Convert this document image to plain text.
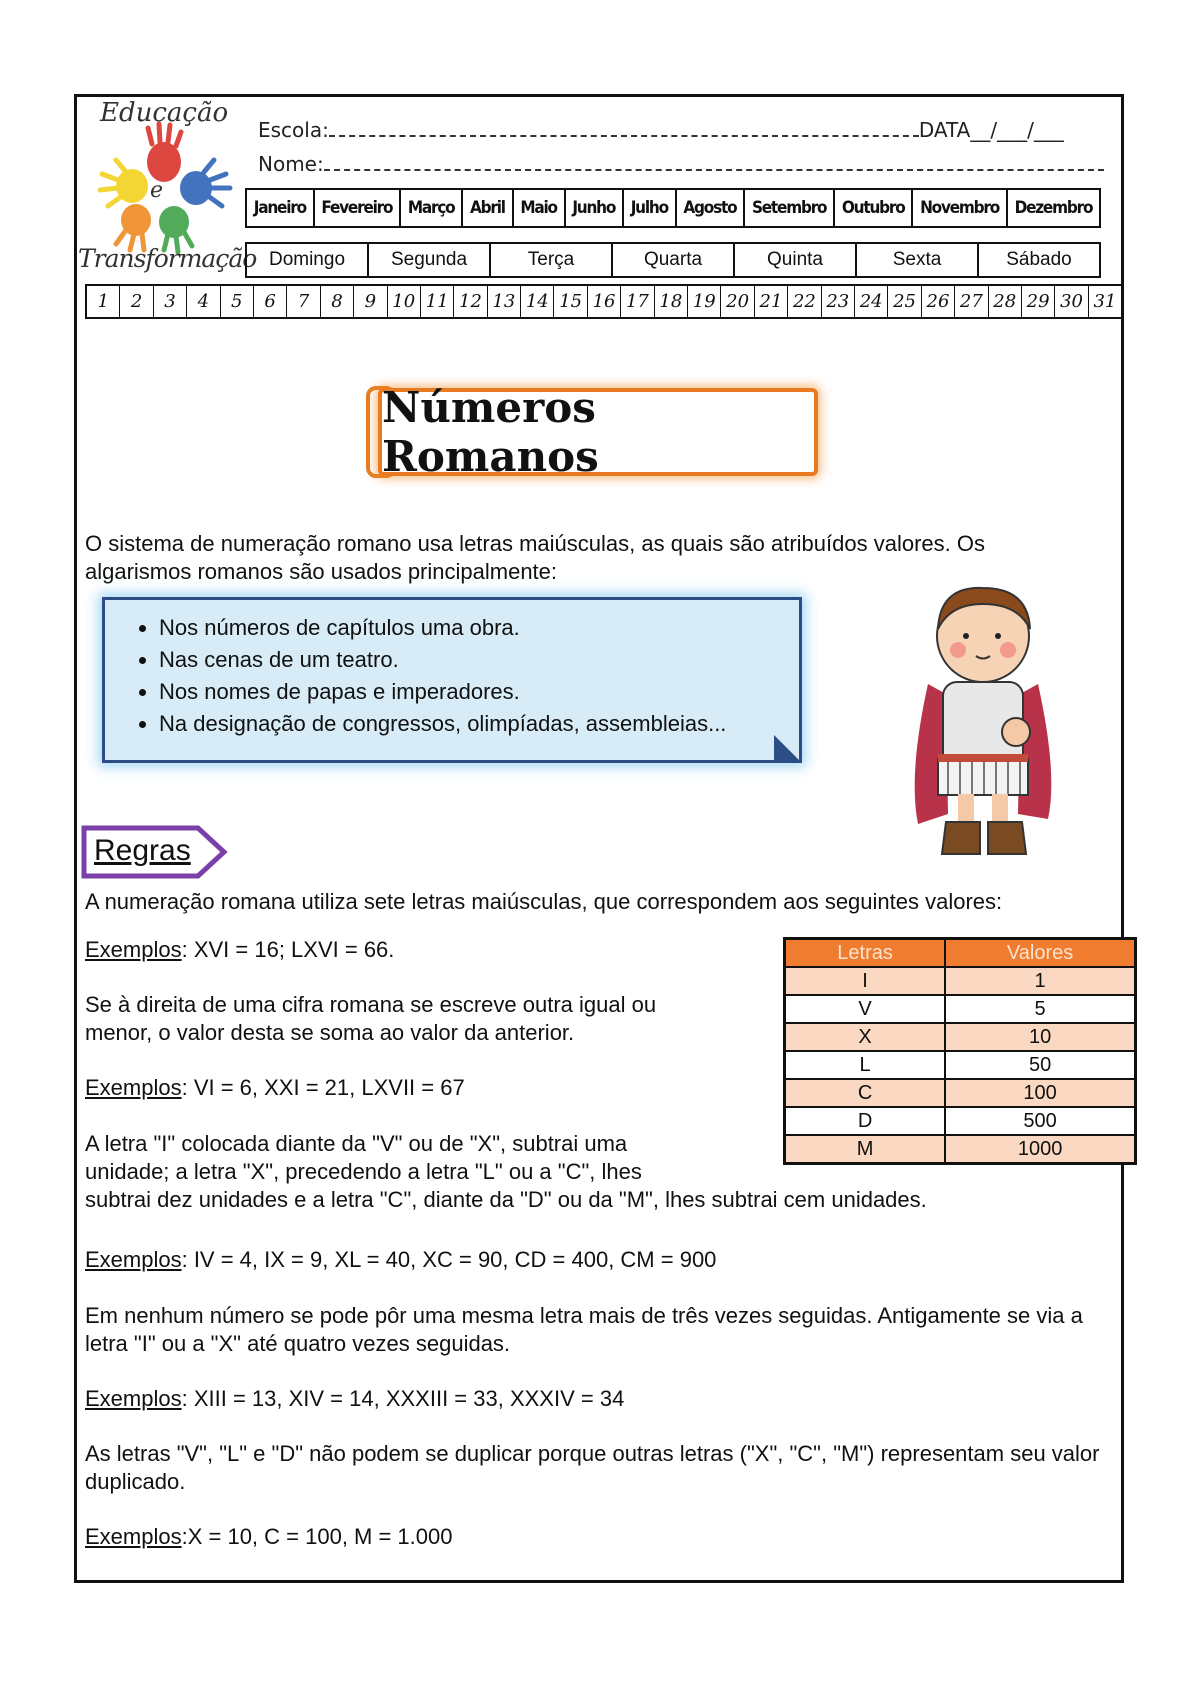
Educação
e
Transformação
Escola:	DATA__/___/___
Nome:
Janeiro Fevereiro Março Abril Maio Junho Julho Agosto Setembro Outubro Novembro Dezembro
Domingo	Segunda	Terça	Quarta	Quinta	Sexta	Sábado
1	2	3	4	5	6	7	8	9 10 11 12 13 14 15 16 17 18 19 20 21 22 23 24 25 26 27 28 29 30 31
Números Romanos
O sistema de numeração romano usa letras maiúsculas, as quais são atribuídos valores. Os algarismos romanos são usados principalmente:
• Nos números de capítulos uma obra.
• Nas cenas de um teatro.
• Nos nomes de papas e imperadores.
• Na designação de congressos, olimpíadas, assembleias...
Regras
A numeração romana utiliza sete letras maiúsculas, que correspondem aos seguintes valores:
Letras	Valores
I	1
V	5
X	10
L	50
C	100
D	500
M	1000
Exemplos: XVI = 16; LXVI = 66.
Se à direita de uma cifra romana se escreve outra igual ou menor, o valor desta se soma ao valor da anterior.
Exemplos: VI = 6, XXI = 21, LXVII = 67
A letra "I" colocada diante da "V" ou de "X", subtrai uma unidade; a letra "X", precedendo a letra "L" ou a "C", lhes
subtrai dez unidades e a letra "C", diante da "D" ou da "M", lhes subtrai cem unidades.
Exemplos: IV = 4, IX = 9, XL = 40, XC = 90, CD = 400, CM = 900
Em nenhum número se pode pôr uma mesma letra mais de três vezes seguidas. Antigamente se via a letra "I" ou a "X" até quatro vezes seguidas.
Exemplos: XIII = 13, XIV = 14, XXXIII = 33, XXXIV = 34
As letras "V", "L" e "D" não podem se duplicar porque outras letras ("X", "C", "M") representam seu valor duplicado.
Exemplos:X = 10, C = 100, M = 1.000
